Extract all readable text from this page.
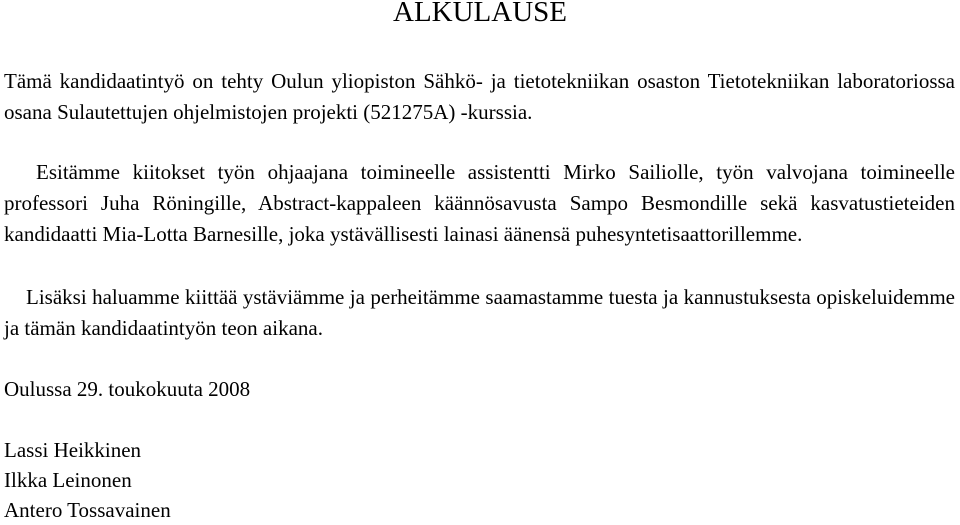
ALKULAUSE

Tämä kandidaatintyö on tehty Oulun yliopiston Sähkö- ja tietotekniikan osaston Tietotekniikan laboratoriossa osana Sulautettujen ohjelmistojen projekti (521275A) -kurssia.

Esitämme kiitokset työn ohjaajana toimineelle assistentti Mirko Sailiolle, työn valvojana toimineelle professori Juha Röningille, Abstract-kappaleen käännösavusta Sampo Besmondille sekä kasvatustieteiden kandidaatti Mia-Lotta Barnesille, joka ystävällisesti lainasi äänensä puhesyntetisaattorillemme.

Lisäksi haluamme kiittää ystäviämme ja perheitämme saamastamme tuesta ja kannustuksesta opiskeluidemme ja tämän kandidaatintyön teon aikana.

Oulussa 29. toukokuuta 2008
Lassi Heikkinen
Ilkka Leinonen
Antero Tossavainen
